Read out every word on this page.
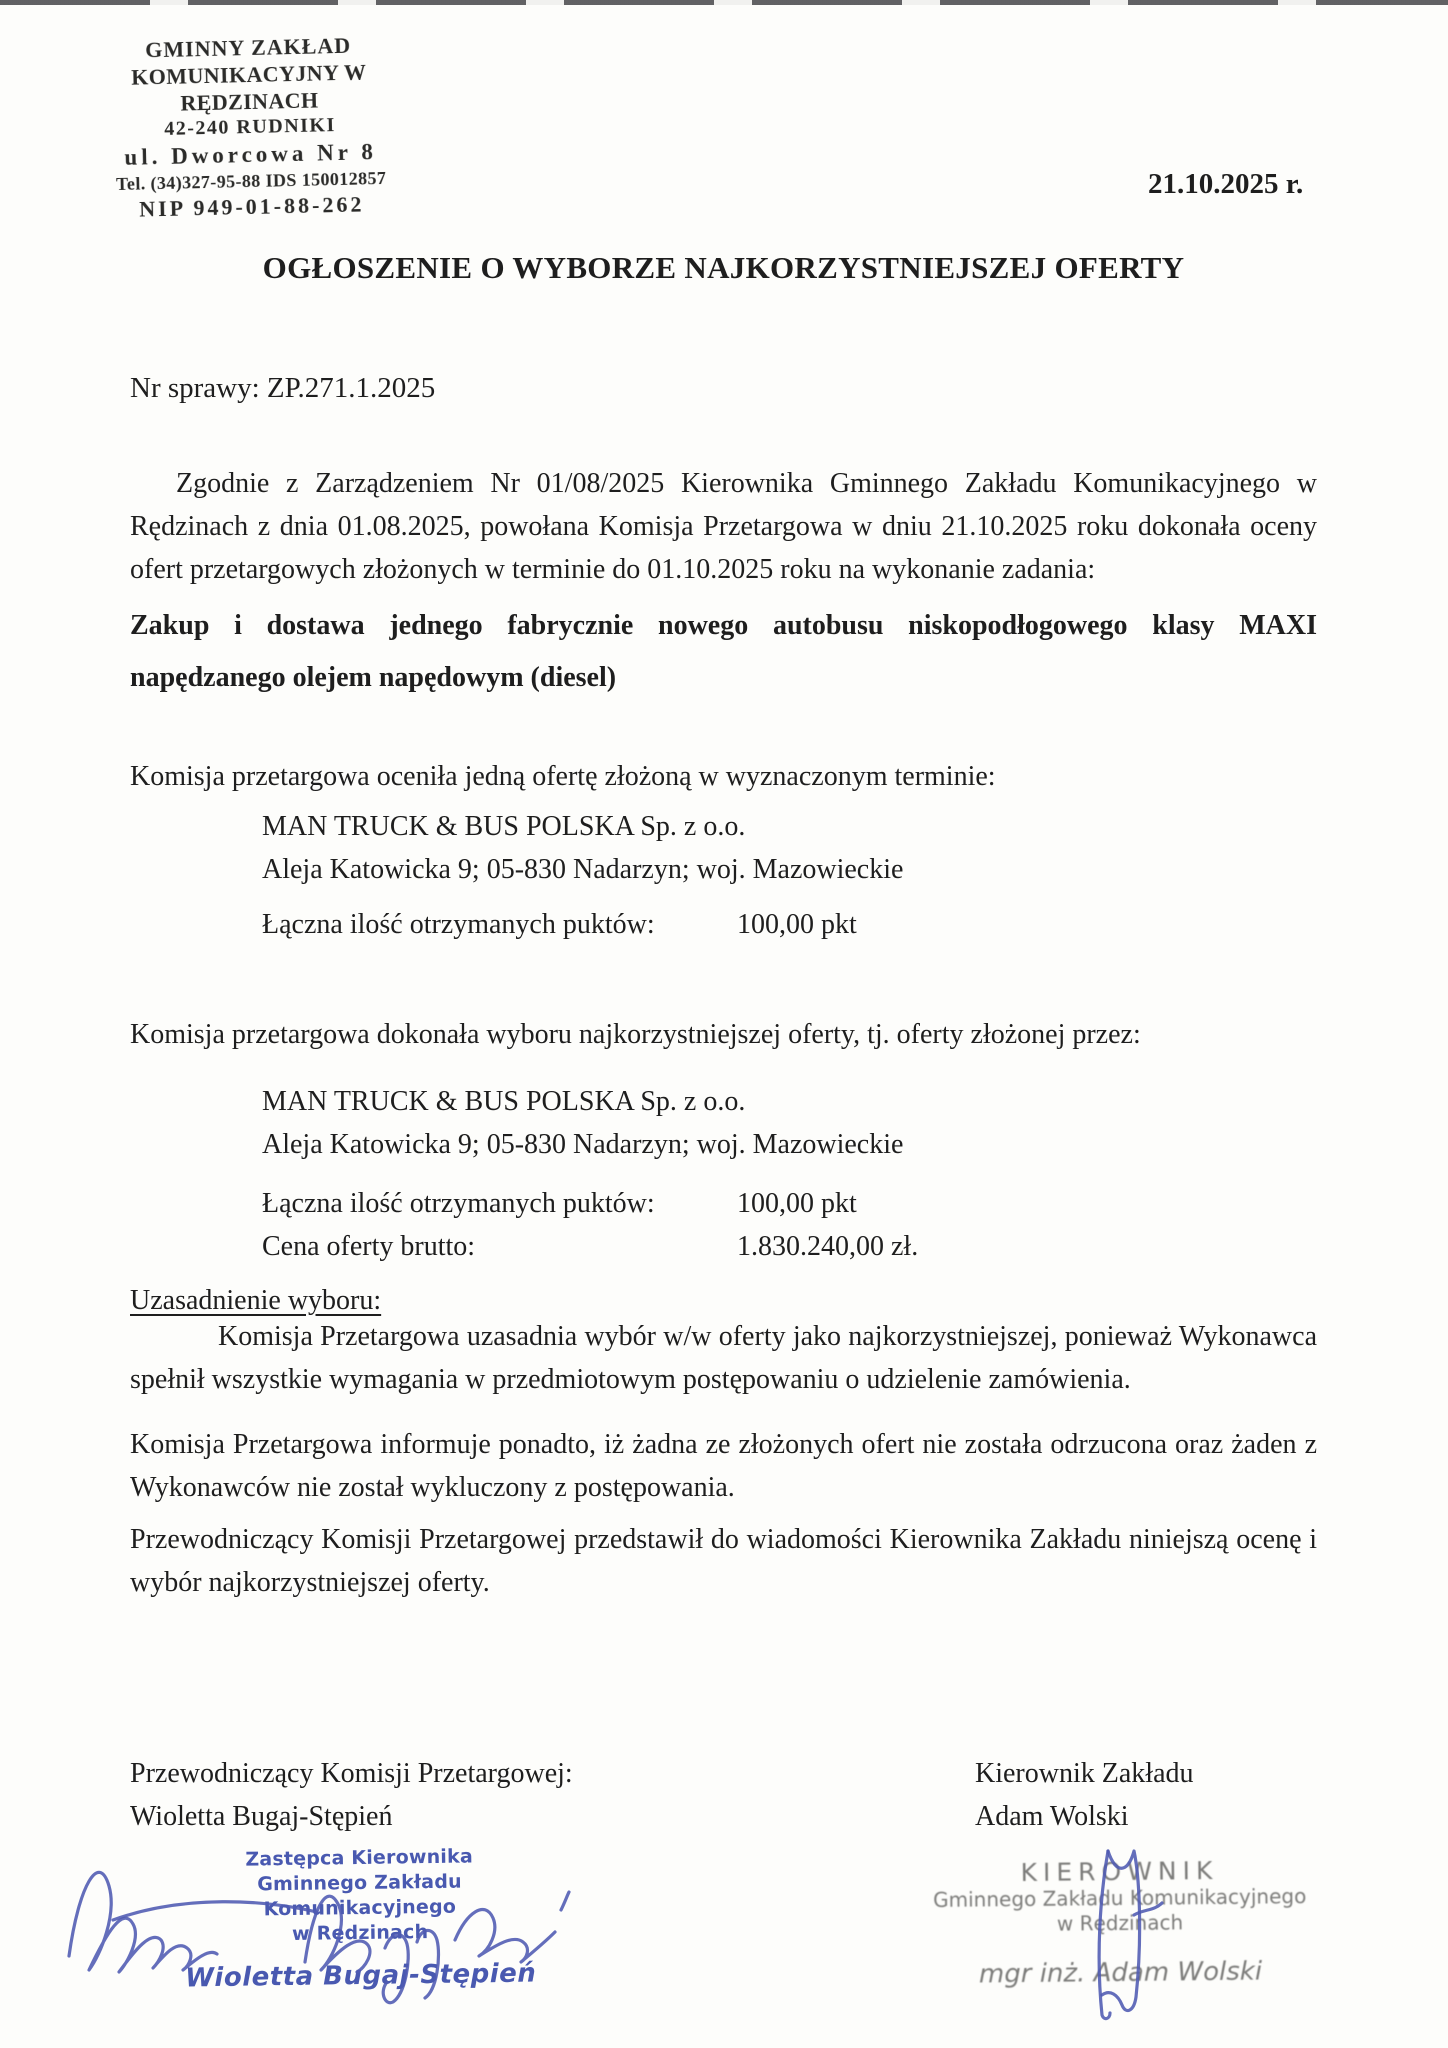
GMINNY ZAKŁAD
KOMUNIKACYJNY W RĘDZINACH
42-240 RUDNIKI
ul. Dworcowa Nr 8
Tel. (34)327-95-88 IDS 150012857
NIP 949-01-88-262
21.10.2025 r.
OGŁOSZENIE O WYBORZE NAJKORZYSTNIEJSZEJ OFERTY
Nr sprawy: ZP.271.1.2025
Zgodnie z Zarządzeniem Nr 01/08/2025 Kierownika Gminnego Zakładu Komunikacyjnego w Rędzinach z dnia 01.08.2025, powołana Komisja Przetargowa w dniu 21.10.2025 roku dokonała oceny ofert przetargowych złożonych w terminie do 01.10.2025 roku na wykonanie zadania:
Zakup i dostawa jednego fabrycznie nowego autobusu niskopodłogowego klasy MAXI
napędzanego olejem napędowym (diesel)
Komisja przetargowa oceniła jedną ofertę złożoną w wyznaczonym terminie:
MAN TRUCK & BUS POLSKA Sp. z o.o.
Aleja Katowicka 9; 05-830 Nadarzyn; woj. Mazowieckie
Łączna ilość otrzymanych puktów:	100,00 pkt
Komisja przetargowa dokonała wyboru najkorzystniejszej oferty, tj. oferty złożonej przez:
MAN TRUCK & BUS POLSKA Sp. z o.o.
Aleja Katowicka 9; 05-830 Nadarzyn; woj. Mazowieckie
Łączna ilość otrzymanych puktów:	100,00 pkt
Cena oferty brutto:	1.830.240,00 zł.
Uzasadnienie wyboru:
Komisja Przetargowa uzasadnia wybór w/w oferty jako najkorzystniejszej, ponieważ Wykonawca spełnił wszystkie wymagania w przedmiotowym postępowaniu o udzielenie zamówienia.
Komisja Przetargowa informuje ponadto, iż żadna ze złożonych ofert nie została odrzucona oraz żaden z Wykonawców nie został wykluczony z postępowania.
Przewodniczący Komisji Przetargowej przedstawił do wiadomości Kierownika Zakładu niniejszą ocenę i wybór najkorzystniejszej oferty.
Przewodniczący Komisji Przetargowej:
Wioletta Bugaj-Stępień
Kierownik Zakładu
Adam Wolski
Zastępca Kierownika
Gminnego Zakładu Komunikacyjnego
w Rędzinach
Wioletta Bugaj-Stępień
KIEROWNIK
Gminnego Zakładu Komunikacyjnego
w Rędzinach
mgr inż. Adam Wolski
